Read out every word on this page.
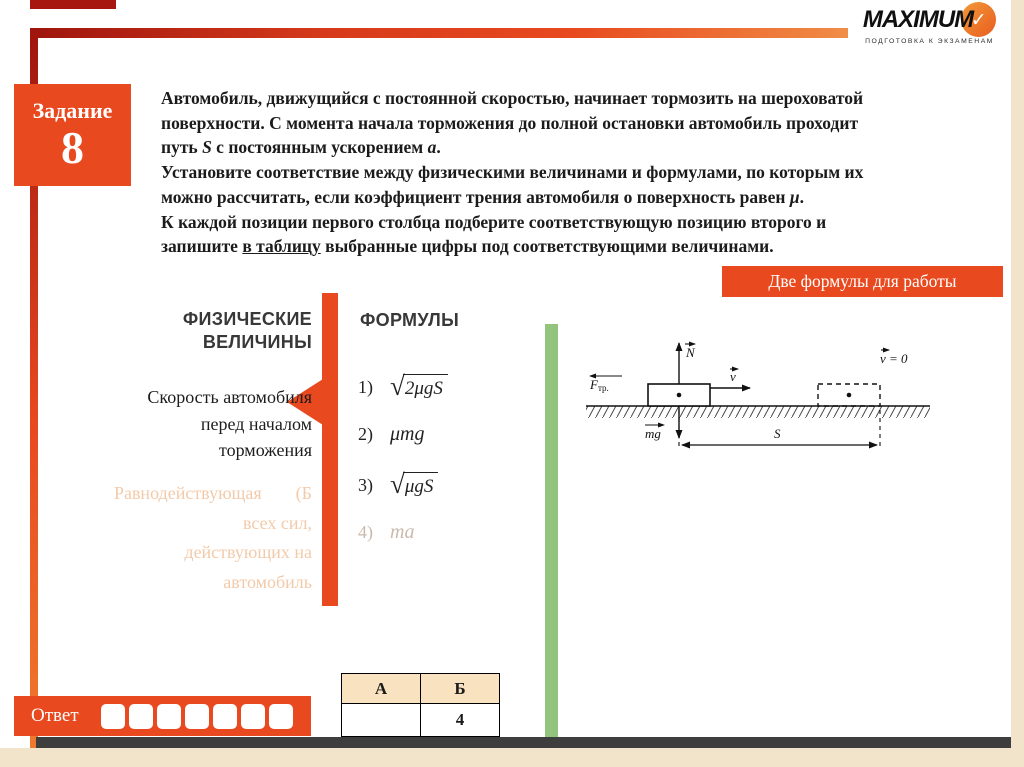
MAXIMUM
✓
ПОДГОТОВКА К ЭКЗАМЕНАМ
Задание
8
Автомобиль, движущийся с постоянной скоростью, начинает тормозить на шероховатой
поверхности. С момента начала торможения до полной остановки автомобиль проходит
путь S с постоянным ускорением a.
Установите соответствие между физическими величинами и формулами, по которым их
можно рассчитать, если коэффициент трения автомобиля о поверхность равен μ.
К каждой позиции первого столбца подберите соответствующую позицию второго и
запишите в таблицу выбранные цифры под соответствующими величинами.
Две формулы для работы
ФИЗИЧЕСКИЕ
ВЕЛИЧИНЫ
ФОРМУЛЫ
Скорость автомобиля
перед началом
торможения
Равнодействующая (Б
всех сил,
действующих на
автомобиль
1) √	2μgS
2) μmg
3) √	μgS
4) ma
N
Fтр.
v
mg
v = 0
S
Ответ
А	Б
	4
